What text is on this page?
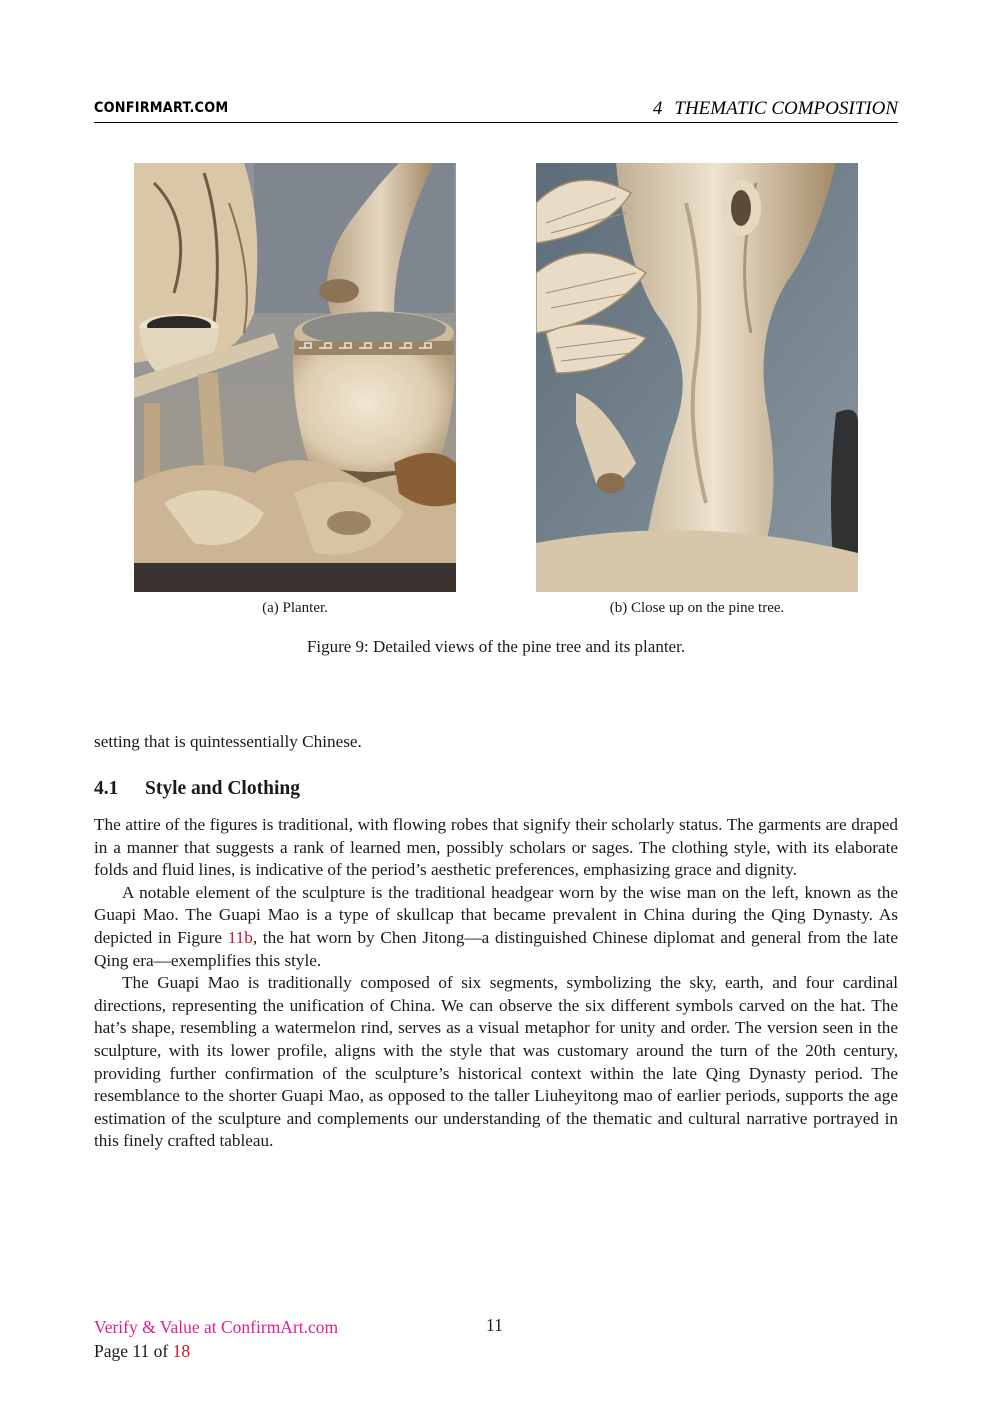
CONFIRMART.COM	4 THEMATIC COMPOSITION
(a) Planter.	(b) Close up on the pine tree.
Figure 9: Detailed views of the pine tree and its planter.
setting that is quintessentially Chinese.
4.1 Style and Clothing

The attire of the figures is traditional, with flowing robes that signify their scholarly status. The garments are draped in a manner that suggests a rank of learned men, possibly scholars or sages. The clothing style, with its elaborate folds and fluid lines, is indicative of the period’s aesthetic preferences, emphasizing grace and dignity.

A notable element of the sculpture is the traditional headgear worn by the wise man on the left, known as the Guapi Mao. The Guapi Mao is a type of skullcap that became prevalent in China during the Qing Dynasty. As depicted in Figure 11b, the hat worn by Chen Jitong—a distinguished Chinese diplomat and general from the late Qing era—exemplifies this style.

The Guapi Mao is traditionally composed of six segments, symbolizing the sky, earth, and four cardinal directions, representing the unification of China. We can observe the six different symbols carved on the hat. The hat’s shape, resembling a watermelon rind, serves as a visual metaphor for unity and order. The version seen in the sculpture, with its lower profile, aligns with the style that was customary around the turn of the 20th century, providing further confirmation of the sculpture’s historical context within the late Qing Dynasty period. The resemblance to the shorter Guapi Mao, as opposed to the taller Liuheyitong mao of earlier periods, supports the age estimation of the sculpture and complements our understanding of the thematic and cultural narrative portrayed in this finely crafted tableau.

Verify & Value at ConfirmArt.com
Page 11 of 18
11
